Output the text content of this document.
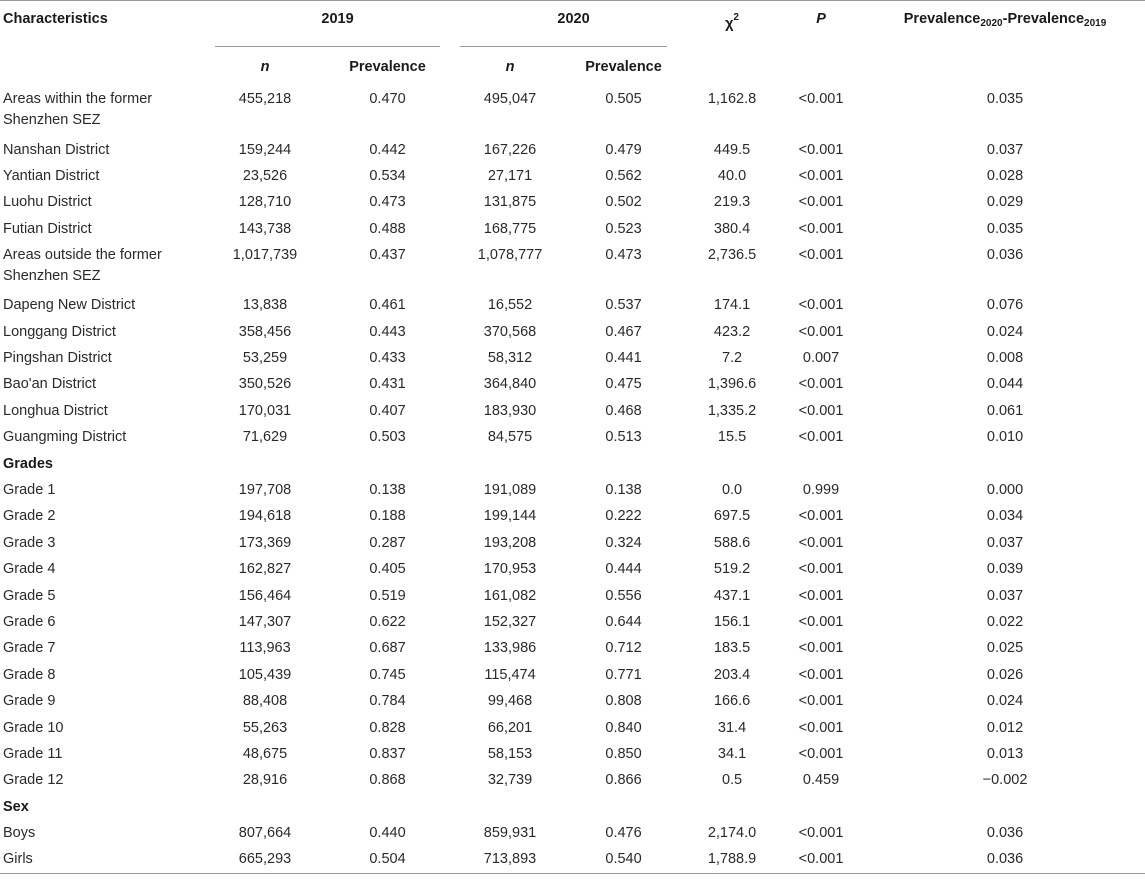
Characteristics	2019		2020		$\chi^2$	P	Prevalence$_{2020}$-Prevalence$_{2019}$
	n	Prevalence	n	Prevalence			

Areas within the former
Shenzhen SEZ	455,218	0.470	495,047	0.505	1,162.8	<0.001	0.035
Nanshan District	159,244	0.442	167,226	0.479	449.5	<0.001	0.037
Yantian District	23,526	0.534	27,171	0.562	40.0	<0.001	0.028
Luohu District	128,710	0.473	131,875	0.502	219.3	<0.001	0.029
Futian District	143,738	0.488	168,775	0.523	380.4	<0.001	0.035

Areas outside the former
Shenzhen SEZ	1,017,739	0.437	1,078,777	0.473	2,736.5	<0.001	0.036
Dapeng New District	13,838	0.461	16,552	0.537	174.1	<0.001	0.076
Longgang District	358,456	0.443	370,568	0.467	423.2	<0.001	0.024
Pingshan District	53,259	0.433	58,312	0.441	7.2	0.007	0.008
Bao'an District	350,526	0.431	364,840	0.475	1,396.6	<0.001	0.044
Longhua District	170,031	0.407	183,930	0.468	1,335.2	<0.001	0.061
Guangming District	71,629	0.503	84,575	0.513	15.5	<0.001	0.010
Grades							
Grade 1	197,708	0.138	191,089	0.138	0.0	0.999	0.000
Grade 2	194,618	0.188	199,144	0.222	697.5	<0.001	0.034
Grade 3	173,369	0.287	193,208	0.324	588.6	<0.001	0.037
Grade 4	162,827	0.405	170,953	0.444	519.2	<0.001	0.039
Grade 5	156,464	0.519	161,082	0.556	437.1	<0.001	0.037
Grade 6	147,307	0.622	152,327	0.644	156.1	<0.001	0.022
Grade 7	113,963	0.687	133,986	0.712	183.5	<0.001	0.025
Grade 8	105,439	0.745	115,474	0.771	203.4	<0.001	0.026
Grade 9	88,408	0.784	99,468	0.808	166.6	<0.001	0.024
Grade 10	55,263	0.828	66,201	0.840	31.4	<0.001	0.012
Grade 11	48,675	0.837	58,153	0.850	34.1	<0.001	0.013
Grade 12	28,916	0.868	32,739	0.866	0.5	0.459	−0.002
Sex							
Boys	807,664	0.440	859,931	0.476	2,174.0	<0.001	0.036
Girls	665,293	0.504	713,893	0.540	1,788.9	<0.001	0.036
